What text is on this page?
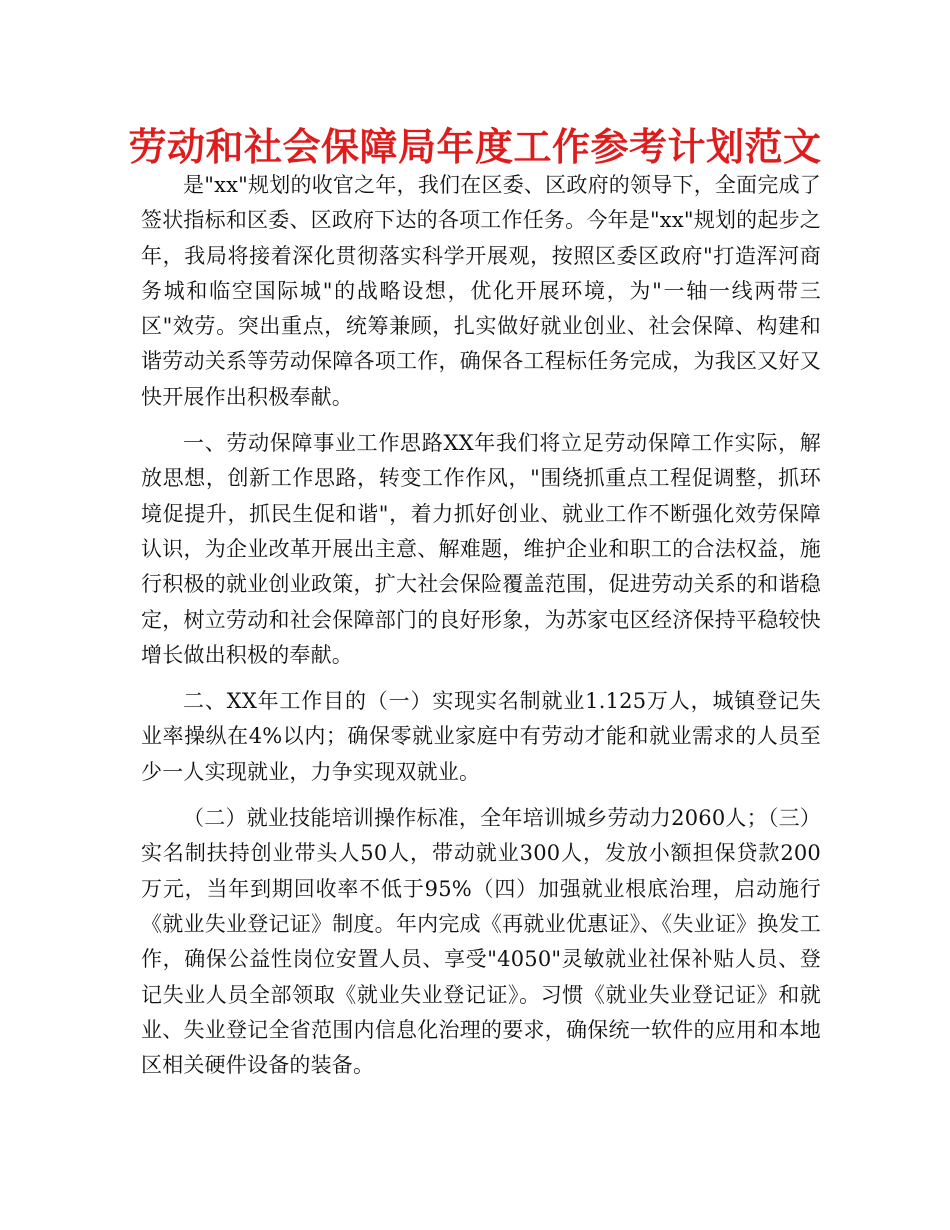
劳动和社会保障局年度工作参考计划范文

是"xx"规划的收官之年，我们在区委、区政府的领导下，全面完成了签状指标和区委、区政府下达的各项工作任务。今年是"xx"规划的起步之年，我局将接着深化贯彻落实科学开展观，按照区委区政府"打造浑河商务城和临空国际城"的战略设想，优化开展环境，为"一轴一线两带三区"效劳。突出重点，统筹兼顾，扎实做好就业创业、社会保障、构建和谐劳动关系等劳动保障各项工作，确保各工程标任务完成，为我区又好又快开展作出积极奉献。

一、劳动保障事业工作思路XX年我们将立足劳动保障工作实际，解放思想，创新工作思路，转变工作作风，"围绕抓重点工程促调整，抓环境促提升，抓民生促和谐"，着力抓好创业、就业工作不断强化效劳保障认识，为企业改革开展出主意、解难题，维护企业和职工的合法权益，施行积极的就业创业政策，扩大社会保险覆盖范围，促进劳动关系的和谐稳定，树立劳动和社会保障部门的良好形象，为苏家屯区经济保持平稳较快增长做出积极的奉献。

二、XX年工作目的（一）实现实名制就业1.125万人，城镇登记失业率操纵在4%以内；确保零就业家庭中有劳动才能和就业需求的人员至少一人实现就业，力争实现双就业。

（二）就业技能培训操作标准，全年培训城乡劳动力2060人；（三）实名制扶持创业带头人50人，带动就业300人，发放小额担保贷款200万元，当年到期回收率不低于95%（四）加强就业根底治理，启动施行《就业失业登记证》制度。年内完成《再就业优惠证》、《失业证》换发工作，确保公益性岗位安置人员、享受"4050"灵敏就业社保补贴人员、登记失业人员全部领取《就业失业登记证》。习惯《就业失业登记证》和就业、失业登记全省范围内信息化治理的要求，确保统一软件的应用和本地区相关硬件设备的装备。
